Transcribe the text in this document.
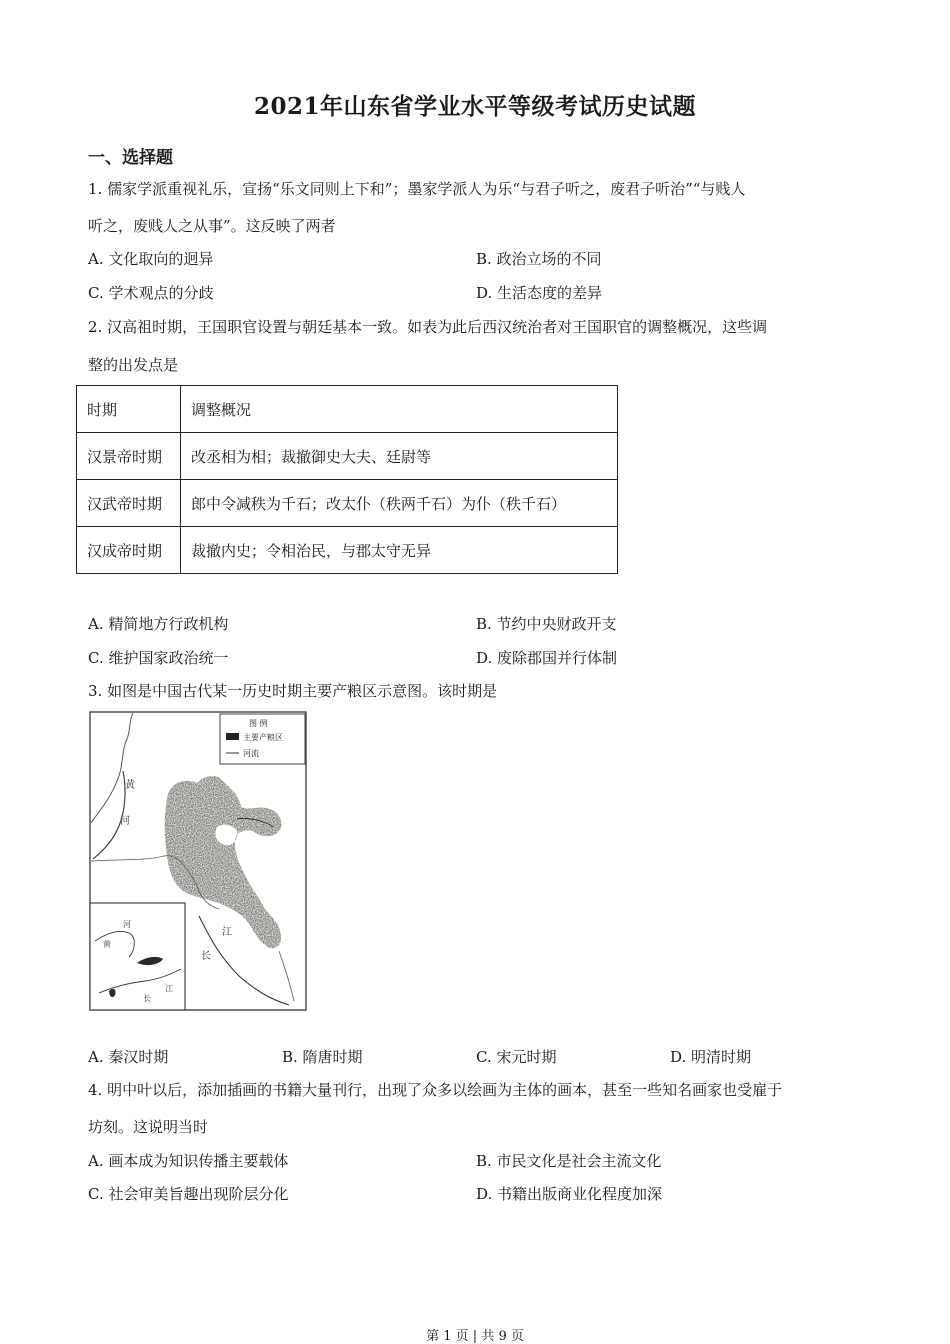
2021年山东省学业水平等级考试历史试题
一、选择题
1. 儒家学派重视礼乐，宣扬“乐文同则上下和”；墨家学派人为乐“与君子听之，废君子听治”“与贱人
听之，废贱人之从事”。这反映了两者
A. 文化取向的迥异	B. 政治立场的不同
C. 学术观点的分歧	D. 生活态度的差异
2. 汉高祖时期，王国职官设置与朝廷基本一致。如表为此后西汉统治者对王国职官的调整概况，这些调
整的出发点是
时期	调整概况
汉景帝时期	改丞相为相；裁撤御史大夫、廷尉等
汉武帝时期	郎中令减秩为千石；改太仆（秩两千石）为仆（秩千石）
汉成帝时期	裁撤内史；令相治民，与郡太守无异
A. 精简地方行政机构	B. 节约中央财政开支
C. 维护国家政治统一	D. 废除郡国并行体制
3. 如图是中国古代某一历史时期主要产粮区示意图。该时期是
图 例
主要产粮区
河流
黄
河
江
长
河
黄
长
江
A. 秦汉时期	B. 隋唐时期	C. 宋元时期	D. 明清时期
4. 明中叶以后，添加插画的书籍大量刊行，出现了众多以绘画为主体的画本，甚至一些知名画家也受雇于
坊刻。这说明当时
A. 画本成为知识传播主要载体	B. 市民文化是社会主流文化
C. 社会审美旨趣出现阶层分化	D. 书籍出版商业化程度加深
第 1 页 | 共 9 页
